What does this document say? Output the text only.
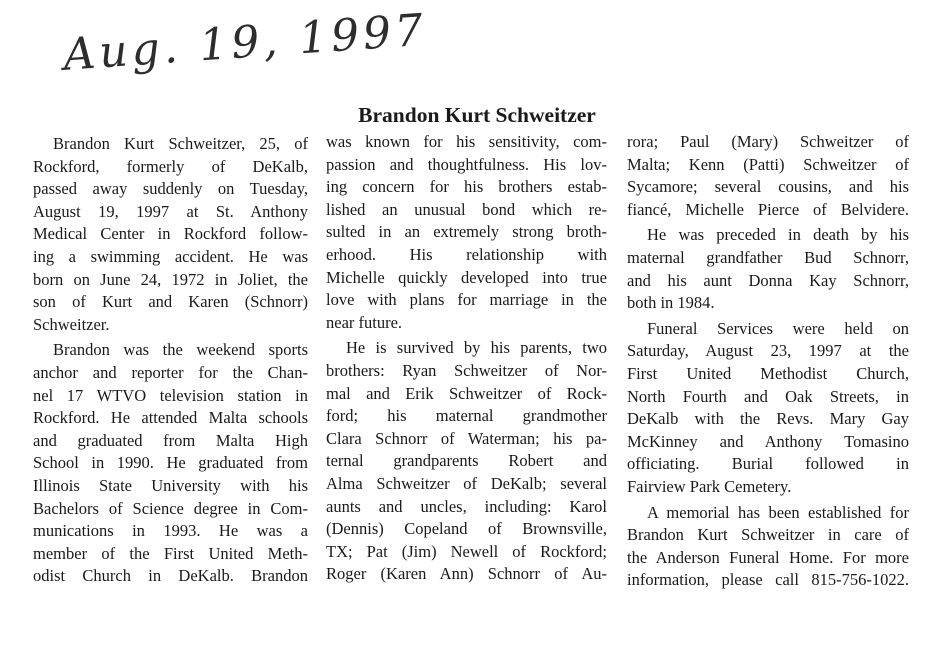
Aug. 19, 1997
Brandon Kurt Schweitzer
Brandon Kurt Schweitzer, 25, of
Rockford, formerly of DeKalb,
passed away suddenly on Tuesday,
August 19, 1997 at St. Anthony
Medical Center in Rockford follow-
ing a swimming accident. He was
born on June 24, 1972 in Joliet, the
son of Kurt and Karen (Schnorr)
Schweitzer.
Brandon was the weekend sports
anchor and reporter for the Chan-
nel 17 WTVO television station in
Rockford. He attended Malta schools
and graduated from Malta High
School in 1990. He graduated from
Illinois State University with his
Bachelors of Science degree in Com-
munications in 1993. He was a
member of the First United Meth-
odist Church in DeKalb. Brandon
was known for his sensitivity, com-
passion and thoughtfulness. His lov-
ing concern for his brothers estab-
lished an unusual bond which re-
sulted in an extremely strong broth-
erhood. His relationship with
Michelle quickly developed into true
love with plans for marriage in the
near future.
He is survived by his parents, two
brothers: Ryan Schweitzer of Nor-
mal and Erik Schweitzer of Rock-
ford; his maternal grandmother
Clara Schnorr of Waterman; his pa-
ternal grandparents Robert and
Alma Schweitzer of DeKalb; several
aunts and uncles, including: Karol
(Dennis) Copeland of Brownsville,
TX; Pat (Jim) Newell of Rockford;
Roger (Karen Ann) Schnorr of Au-
rora; Paul (Mary) Schweitzer of
Malta; Kenn (Patti) Schweitzer of
Sycamore; several cousins, and his
fiancé, Michelle Pierce of Belvidere.
He was preceded in death by his
maternal grandfather Bud Schnorr,
and his aunt Donna Kay Schnorr,
both in 1984.
Funeral Services were held on
Saturday, August 23, 1997 at the
First United Methodist Church,
North Fourth and Oak Streets, in
DeKalb with the Revs. Mary Gay
McKinney and Anthony Tomasino
officiating. Burial followed in
Fairview Park Cemetery.
A memorial has been established for
Brandon Kurt Schweitzer in care of
the Anderson Funeral Home. For more
information, please call 815-756-1022.
